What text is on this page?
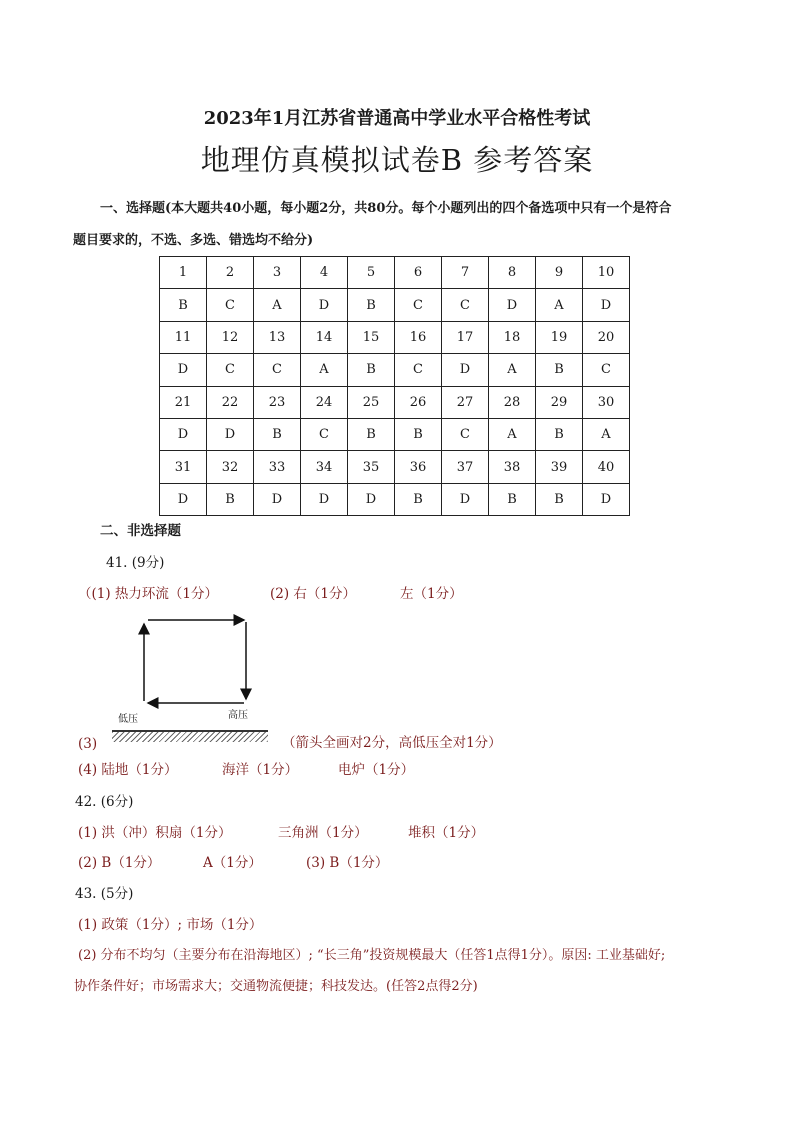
2023年1月江苏省普通高中学业水平合格性考试
地理仿真模拟试卷B 参考答案
一、选择题(本大题共40小题，每小题2分，共80分。每个小题列出的四个备选项中只有一个是符合
题目要求的，不选、多选、错选均不给分)
1	2	3	4	5	6	7	8	9	10
B	C	A	D	B	C	C	D	A	D
11	12	13	14	15	16	17	18	19	20
D	C	C	A	B	C	D	A	B	C
21	22	23	24	25	26	27	28	29	30
D	D	B	C	B	B	C	A	B	A
31	32	33	34	35	36	37	38	39	40
D	B	D	D	D	B	D	B	B	D
二、非选择题
41. (9分)
（(1) 热力环流（1分）	(2) 右（1分）	左（1分）
低压	高压
(3)	（箭头全画对2分，高低压全对1分）
(4) 陆地（1分）	海洋（1分）	电炉（1分）
42. (6分)
(1) 洪（冲）积扇（1分）	三角洲（1分）	堆积（1分）
(2) B（1分）	A（1分）	(3) B（1分）
43. (5分)
(1) 政策（1分）; 市场（1分）
(2) 分布不均匀（主要分布在沿海地区）; “长三角”投资规模最大（任答1点得1分）。原因: 工业基础好;
协作条件好；市场需求大；交通物流便捷；科技发达。(任答2点得2分)
